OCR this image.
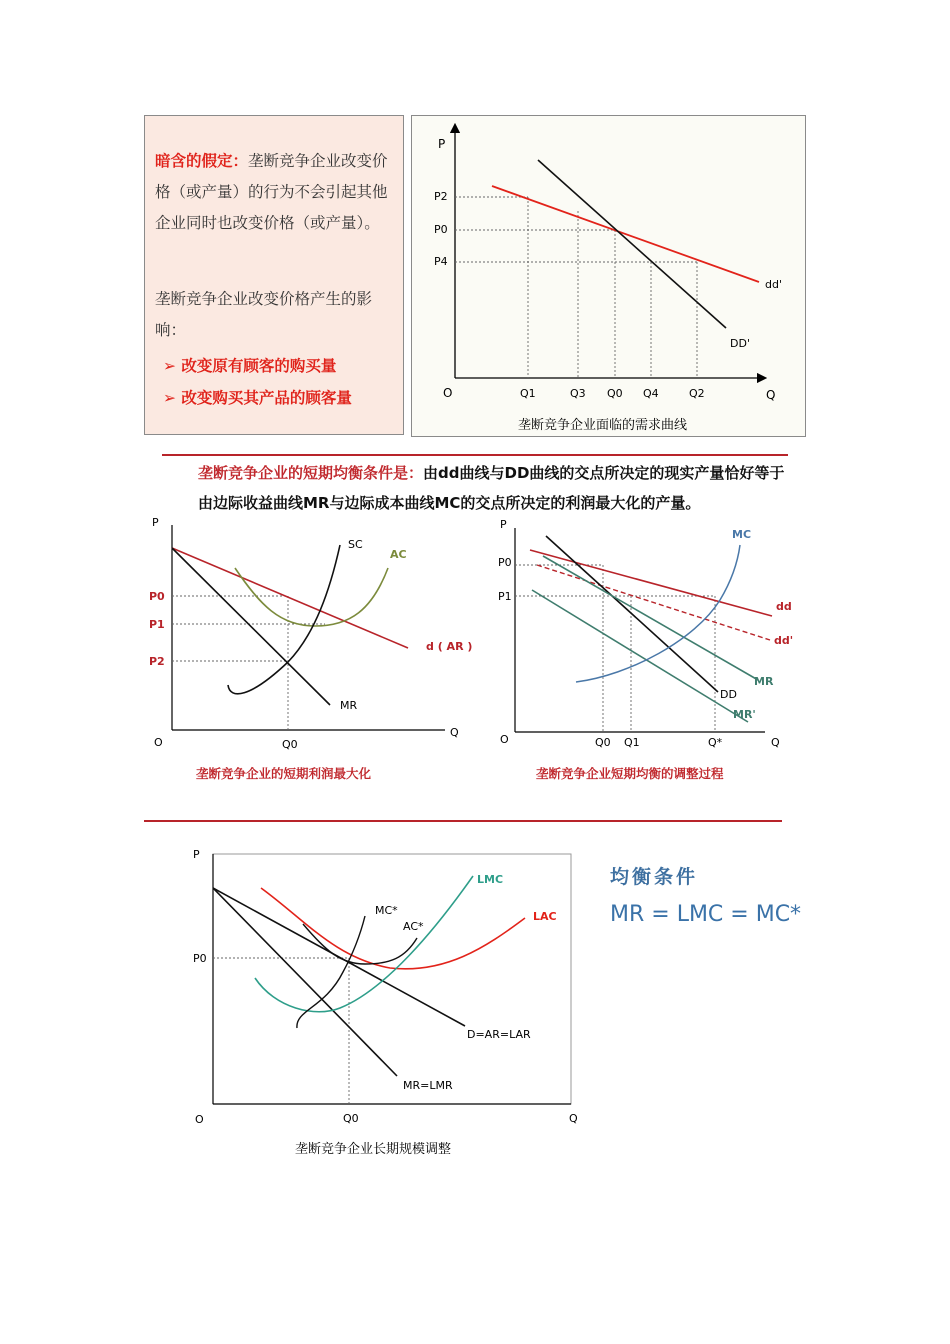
暗含的假定：垄断竞争企业改变价格（或产量）的行为不会引起其他企业同时也改变价格（或产量）。
垄断竞争企业改变价格产生的影响：
➢ 改变原有顾客的购买量
➢ 改变购买其产品的顾客量
P
Q
O
P2
P0
P4
Q1	Q3 Q0 Q4	Q2
dd'
DD'
垄断竞争企业面临的需求曲线
垄断竞争企业的短期均衡条件是：由dd曲线与DD曲线的交点所决定的现实产量恰好等于由边际收益曲线MR与边际成本曲线MC的交点所决定的利润最大化的产量。
P
Q
O
SC
AC
d ( AR )
MR
P0
P1
P2
Q0
垄断竞争企业的短期利润最大化
P
Q
O
MC
dd
dd'
MR
DD
MR'
P0
P1
Q0 Q1	Q*
垄断竞争企业短期均衡的调整过程
P
Q
O
LMC
LAC
MC*
AC*
D=AR=LAR
MR=LMR
P0
Q0
垄断竞争企业长期规模调整
均衡条件
MR = LMC = MC*
